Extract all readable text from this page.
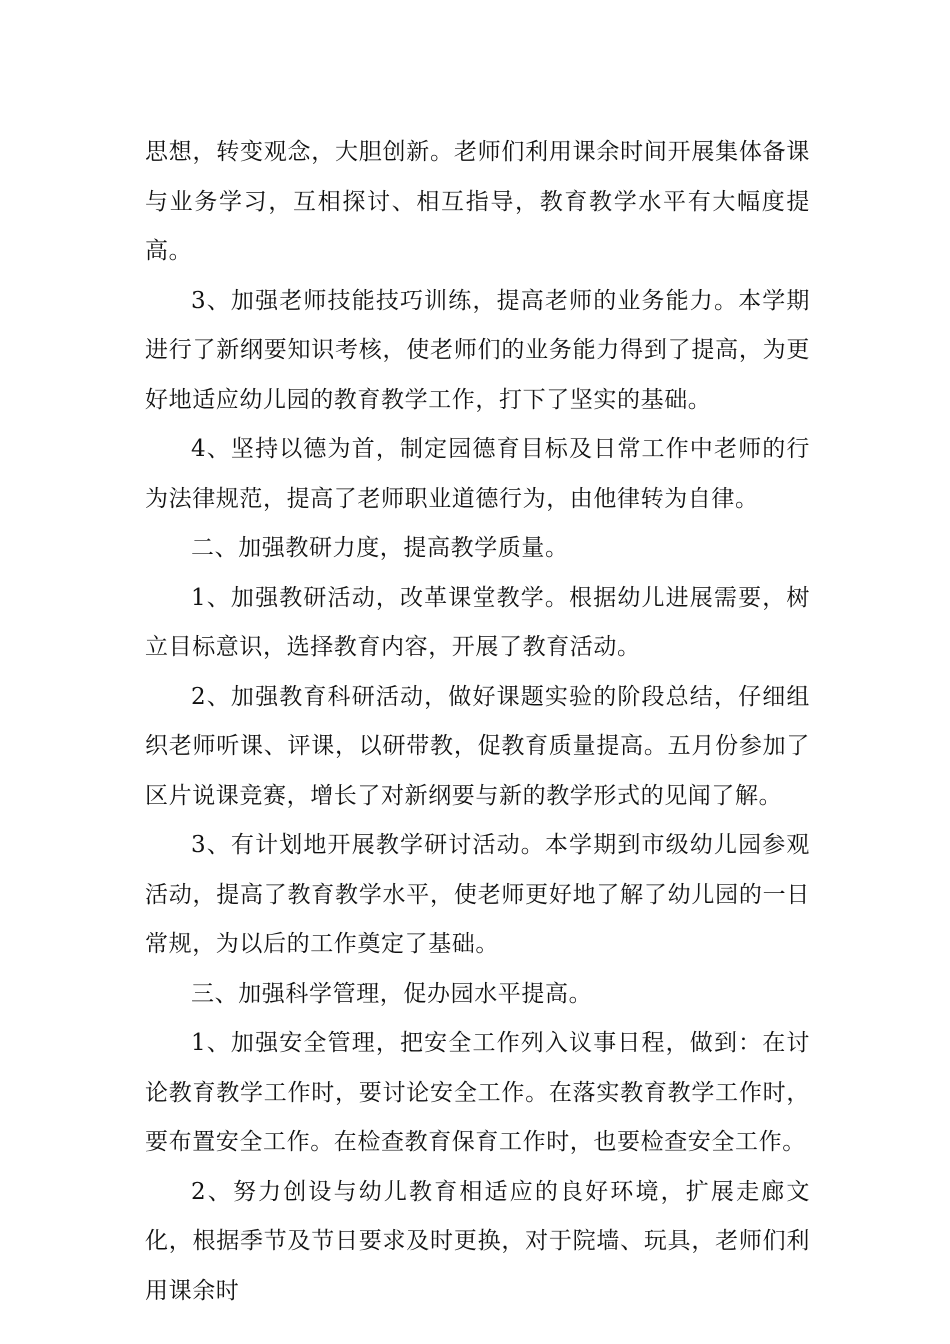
思想，转变观念，大胆创新。老师们利用课余时间开展集体备课与业务学习，互相探讨、相互指导，教育教学水平有大幅度提高。

3、加强老师技能技巧训练，提高老师的业务能力。本学期进行了新纲要知识考核，使老师们的业务能力得到了提高，为更好地适应幼儿园的教育教学工作，打下了坚实的基础。

4、坚持以德为首，制定园德育目标及日常工作中老师的行为法律规范，提高了老师职业道德行为，由他律转为自律。

二、加强教研力度，提高教学质量。

1、加强教研活动，改革课堂教学。根据幼儿进展需要，树立目标意识，选择教育内容，开展了教育活动。

2、加强教育科研活动，做好课题实验的阶段总结，仔细组织老师听课、评课，以研带教，促教育质量提高。五月份参加了区片说课竞赛，增长了对新纲要与新的教学形式的见闻了解。

3、有计划地开展教学研讨活动。本学期到市级幼儿园参观活动，提高了教育教学水平，使老师更好地了解了幼儿园的一日常规，为以后的工作奠定了基础。

三、加强科学管理，促办园水平提高。

1、加强安全管理，把安全工作列入议事日程，做到：在讨论教育教学工作时，要讨论安全工作。在落实教育教学工作时，要布置安全工作。在检查教育保育工作时，也要检查安全工作。

2、努力创设与幼儿教育相适应的良好环境，扩展走廊文化，根据季节及节日要求及时更换，对于院墙、玩具，老师们利用课余时
